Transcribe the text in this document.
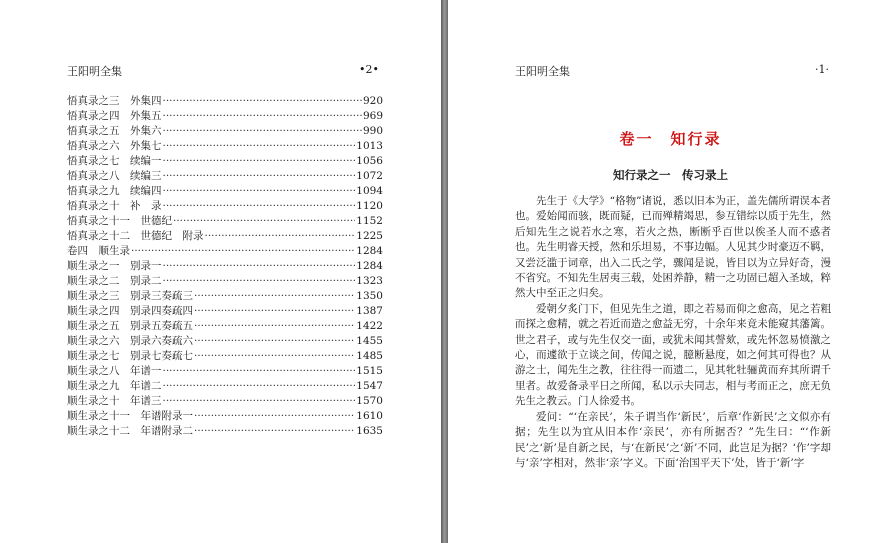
王阳明全集	•2•
悟真录之三　外集四 ·····	920
悟真录之四　外集五 ·····	969
悟真录之五　外集六 ·····	990
悟真录之六　外集七 ·····	1013
悟真录之七　续编一 ·····	1056
悟真录之八　续编三 ·····	1072
悟真录之九　续编四 ·····	1094
悟真录之十　补　录 ·····	1120
悟真录之十一　世德纪 ·····	1152
悟真录之十二　世德纪　附录 ·····	1225
卷四　顺生录 ·····	1284
顺生录之一　别录一 ·····	1284
顺生录之二　别录二 ·····	1323
顺生录之三　别录三奏疏三 ·····	1350
顺生录之四　别录四奏疏四 ·····	1387
顺生录之五　别录五奏疏五 ·····	1422
顺生录之六　别录六奏疏六 ·····	1455
顺生录之七　别录七奏疏七 ·····	1485
顺生录之八　年谱一 ·····	1515
顺生录之九　年谱二 ·····	1547
顺生录之十　年谱三 ·····	1570
顺生录之十一　年谱附录一 ·····	1610
顺生录之十二　年谱附录二 ·····	1635
王阳明全集	·1·
卷一　知行录
知行录之一　传习录上

先生于《大学》“格物”诸说，悉以旧本为正，盖先儒所谓误本者也。爱始闻而骇，既而疑，已而殚精竭思，参互错综以质于先生，然后知先生之说若水之寒，若火之热，断断乎百世以俟圣人而不惑者也。先生明睿天授，然和乐坦易，不事边幅。人见其少时豪迈不羁，又尝泛滥于词章，出入二氏之学，骤闻是说，皆目以为立异好奇，漫不省究。不知先生居夷三载，处困养静，精一之功固已超入圣域，粹然大中至正之归矣。

爱朝夕炙门下，但见先生之道，即之若易而仰之愈高，见之若粗而探之愈精，就之若近而造之愈益无穷，十余年来竟未能窥其藩篱。世之君子，或与先生仅交一面，或犹未闻其謦欬，或先怀忽易愤激之心，而遽欲于立谈之间，传闻之说，臆断悬度，如之何其可得也？从游之士，闻先生之教，往往得一而遗二，见其牝牡骊黄而弃其所谓千里者。故爱备录平日之所闻，私以示夫同志，相与考而正之，庶无负先生之教云。门人徐爱书。

爱问：“‘在亲民’，朱子谓当作‘新民’，后章‘作新民’之文似亦有据；先生以为宜从旧本作‘亲民’，亦有所据否？”先生曰：“‘作新民’之‘新’是自新之民，与‘在新民’之‘新’不同，此岂足为据？‘作’字却与‘亲’字相对，然非‘亲’字义。下面‘治国平天下’处，皆于‘新’字
